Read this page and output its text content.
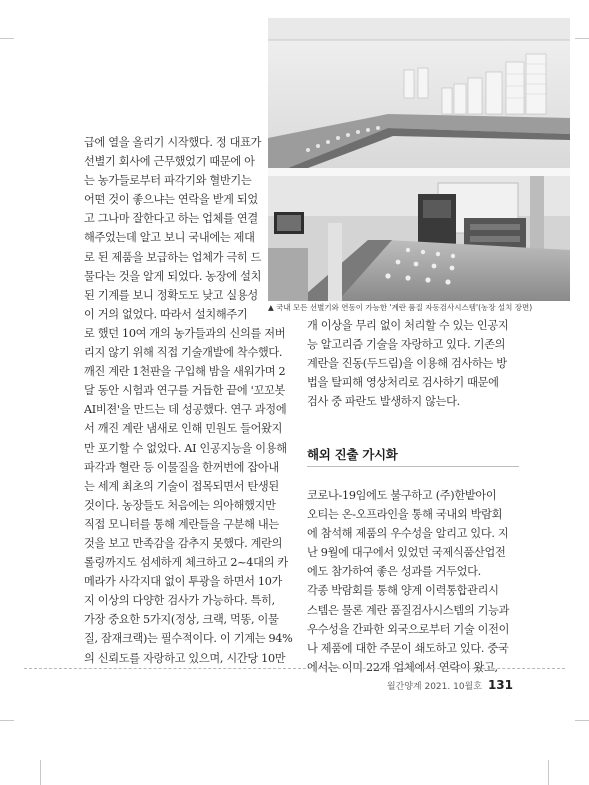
▲ 국내 모든 선별기와 연동이 가능한 '계란 품질 자동검사시스템'(농장 설치 장면)
급에 열을 올리기 시작했다. 정 대표가
선별기 회사에 근무했었기 때문에 아
는 농가들로부터 파각기와 혈반기는
어떤 것이 좋으냐는 연락을 받게 되었
고 그나마 잘한다고 하는 업체를 연결
해주었는데 알고 보니 국내에는 제대
로 된 제품을 보급하는 업체가 극히 드
물다는 것을 알게 되었다. 농장에 설치
된 기계를 보니 정확도도 낮고 실용성
이 거의 없었다. 따라서 설치해주기
로 했던 10여 개의 농가들과의 신의를 저버
리지 않기 위해 직접 기술개발에 착수했다.
깨진 계란 1천판을 구입해 밤을 새워가며 2
달 동안 시험과 연구를 거듭한 끝에 '꼬꼬봇
AI비젼'을 만드는 데 성공했다. 연구 과정에
서 깨진 계란 냄새로 인해 민원도 들어왔지
만 포기할 수 없었다. AI 인공지능을 이용해
파각과 혈란 등 이물질을 한꺼번에 잡아내
는 세계 최초의 기술이 접목되면서 탄생된
것이다. 농장들도 처음에는 의아해했지만
직접 모니터를 통해 계란들을 구분해 내는
것을 보고 만족감을 감추지 못했다. 계란의
롤링까지도 섬세하게 체크하고 2~4대의 카
메라가 사각지대 없이 투광을 하면서 10가
지 이상의 다양한 검사가 가능하다. 특히,
가장 중요한 5가지(정상, 크랙, 먹똥, 이물
질, 잠재크랙)는 필수적이다. 이 기계는 94%
의 신뢰도를 자랑하고 있으며, 시간당 10만
개 이상을 무리 없이 처리할 수 있는 인공지
능 알고리즘 기술을 자랑하고 있다. 기존의
계란을 진동(두드림)을 이용해 검사하는 방
법을 탈피해 영상처리로 검사하기 때문에
검사 중 파란도 발생하지 않는다.
해외 진출 가시화
코로나-19임에도 불구하고 (주)한밭아이
오티는 온-오프라인을 통해 국내외 박람회
에 참석해 제품의 우수성을 알리고 있다. 지
난 9월에 대구에서 있었던 국제식품산업전
에도 참가하여 좋은 성과를 거두었다.
각종 박람회를 통해 양계 이력통합관리시
스템은 물론 계란 품질검사시스템의 기능과
우수성을 간파한 외국으로부터 기술 이전이
나 제품에 대한 주문이 쇄도하고 있다. 중국
에서는 이미 22개 업체에서 연락이 왔고,
월간양계 2021. 10월호 131
